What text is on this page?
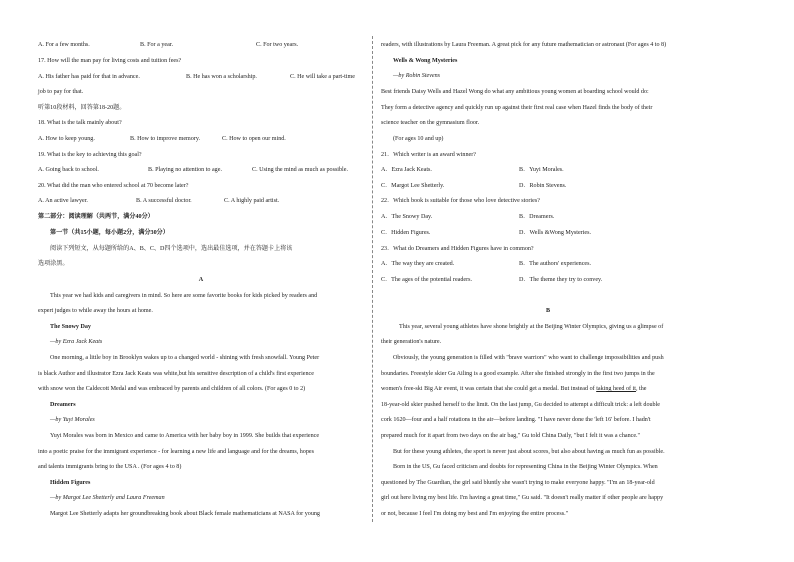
A. For a few months.	B. For a year.	C. For two years.
17. How will the man pay for living costs and tuition fees?
A. His father has paid for that in advance.	B. He has won a scholarship.	C. He will take a part-time
job to pay for that.
听第10段材料，回答第18-20题。
18. What is the talk mainly about?
A. How to keep young.	B. How to improve memory.	C. How to open our mind.
19. What is the key to achieving this goal?
A. Going back to school.	B. Playing no attention to age.	C. Using the mind as much as possible.
20. What did the man who entered school at 70 become later?
A. An active lawyer.	B. A successful doctor.	C. A highly paid artist.
第二部分：阅读理解（共两节，满分40分）
第一节（共15小题，每小题2分，满分30分）
阅读下列短文，从每题所给的A、B、C、D四个选项中，选出最佳选项，并在答题卡上将该
选项涂黑。
A
This year we had kids and caregivers in mind. So here are some favorite books for kids picked by readers and
expert judges to while away the hours at home.
The Snowy Day
—by Ezra Jack Keats
One morning, a little boy in Brooklyn wakes up to a changed world - shining with fresh snowfall. Young Peter
is black Author and illustrator Ezra Jack Keats was white,but his sensitive description of a child's first experience
with snow won the Caldecott Medal and was embraced by parents and children of all colors. (For ages 0 to 2)
Dreamers
—by Yuyi Morales
Yuyi Morales was born in Mexico and came to America with her baby boy in 1999. She builds that experience
into a poetic praise for the immigrant experience - for learning a new life and language and for the dreams, hopes
and talents immigrants bring to the USA . (For ages 4 to 8)
Hidden Figures
—by Margot Lee Shetterly and Laura Freeman
Margot Lee Shetterly adapts her groundbreaking book about Black female mathematicians at NASA for young
readers, with illustrations by Laura Freeman. A great pick for any future mathematician or astronaut (For ages 4 to 8)
Wells & Wong Mysteries
—by Robin Stevens
Best friends Daisy Wells and Hazel Wong do what any ambitious young women at boarding school would do:
They form a detective agency and quickly run up against their first real case when Hazel finds the body of their
science teacher on the gymnasium floor.
(For ages 10 and up)
21．Which writer is an award winner?
A．Ezra Jack Keats.	B．Yuyi Morales.
C．Margot Lee Shetterly.	D．Robin Stevens.
22．Which book is suitable for those who love detective stories?
A．The Snowy Day.	B．Dreamers.
C．Hidden Figures.	D．Wells &Wong Mysteries.
23．What do Dreamers and Hidden Figures have in common?
A．The way they are created.	B．The authors' experiences.
C．The ages of the potential readers.	D．The theme they try to convey.
B
This year, several young athletes have shone brightly at the Beijing Winter Olympics, giving us a glimpse of
their generation's nature.
Obviously, the young generation is filled with "brave warriors" who want to challenge impossibilities and push
boundaries. Freestyle skier Gu Ailing is a good example. After she finished strongly in the first two jumps in the
women's free-ski Big Air event, it was certain that she could get a medal. But instead of taking heed of it, the
18-year-old skier pushed herself to the limit. On the last jump, Gu decided to attempt a difficult trick: a left double
cork 1620—four and a half rotations in the air—before landing. "I have never done the 'left 16' before. I hadn't
prepared much for it apart from two days on the air bag," Gu told China Daily, "but I felt it was a chance."
But for these young athletes, the sport is never just about scores, but also about having as much fun as possible.
Born in the US, Gu faced criticism and doubts for representing China in the Beijing Winter Olympics. When
questioned by The Guardian, the girl said bluntly she wasn't trying to make everyone happy. "I'm an 18-year-old
girl out here living my best life. I'm having a great time," Gu said. "It doesn't really matter if other people are happy
or not, because I feel I'm doing my best and I'm enjoying the entire process."
